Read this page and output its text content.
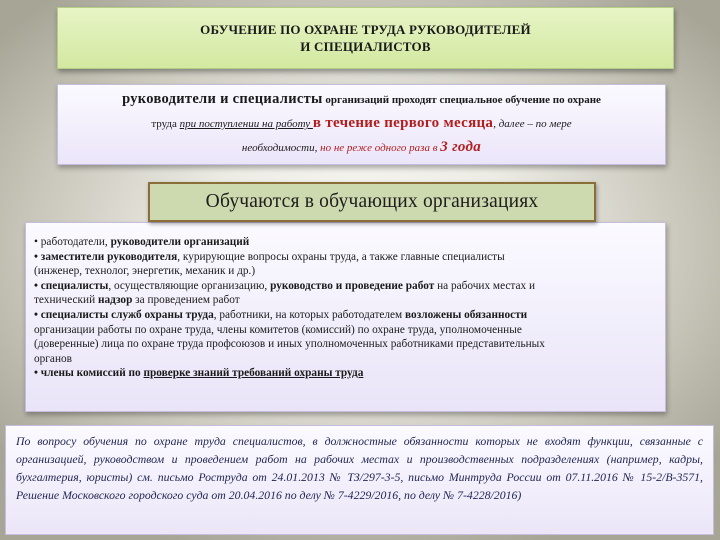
ОБУЧЕНИЕ ПО ОХРАНЕ ТРУДА РУКОВОДИТЕЛЕЙ
И СПЕЦИАЛИСТОВ
руководители и специалисты организаций проходят специальное обучение по охране
труда при поступлении на работу в течение первого месяца, далее – по мере
необходимости, но не реже одного раза в 3 года

• работодатели, руководители организаций

• заместители руководителя, курирующие вопросы охраны труда, а также главные специалисты

(инженер, технолог, энергетик, механик и др.)

• специалисты, осуществляющие организацию, руководство и проведение работ на рабочих местах и

технический надзор за проведением работ

• специалисты служб охраны труда, работники, на которых работодателем возложены обязанности

организации работы по охране труда, члены комитетов (комиссий) по охране труда, уполномоченные

(доверенные) лица по охране труда профсоюзов и иных уполномоченных работниками представительных

органов

• члены комиссий по проверке знаний требований охраны труда

Обучаются в обучающих организациях
По вопросу обучения по охране труда специалистов, в должностные обязанности которых не входят функции, связанные с организацией, руководством и проведением работ на рабочих местах и производственных подразделениях (например, кадры, бухгалтерия, юристы) см. письмо Роструда от 24.01.2013 № ТЗ/297-3-5, письмо Минтруда России от 07.11.2016 № 15-2/В-3571, Решение Московского городского суда от 20.04.2016 по делу № 7-4229/2016, по делу № 7-4228/2016)
